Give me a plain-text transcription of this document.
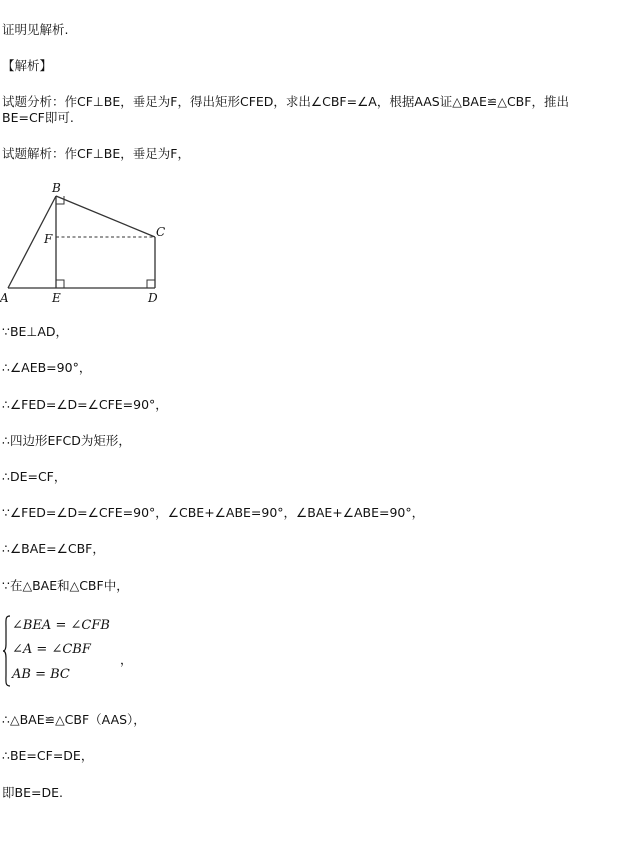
证明见解析.
【解析】
试题分析：作CF⊥BE，垂足为F，得出矩形CFED，求出∠CBF=∠A，根据AAS证△BAE≌△CBF，推出BE=CF即可.
试题解析：作CF⊥BE，垂足为F，
A
B
C
D
E
F
∵BE⊥AD，
∴∠AEB=90°，
∴∠FED=∠D=∠CFE=90°，
∴四边形EFCD为矩形，
∴DE=CF，
∵∠FED=∠D=∠CFE=90°，∠CBE+∠ABE=90°，∠BAE+∠ABE=90°，
∴∠BAE=∠CBF，
∵在△BAE和△CBF中，
∠BEA = ∠CFB
∠A = ∠CBF
AB = BC
，
∴△BAE≌△CBF（AAS），
∴BE=CF=DE，
即BE=DE.
